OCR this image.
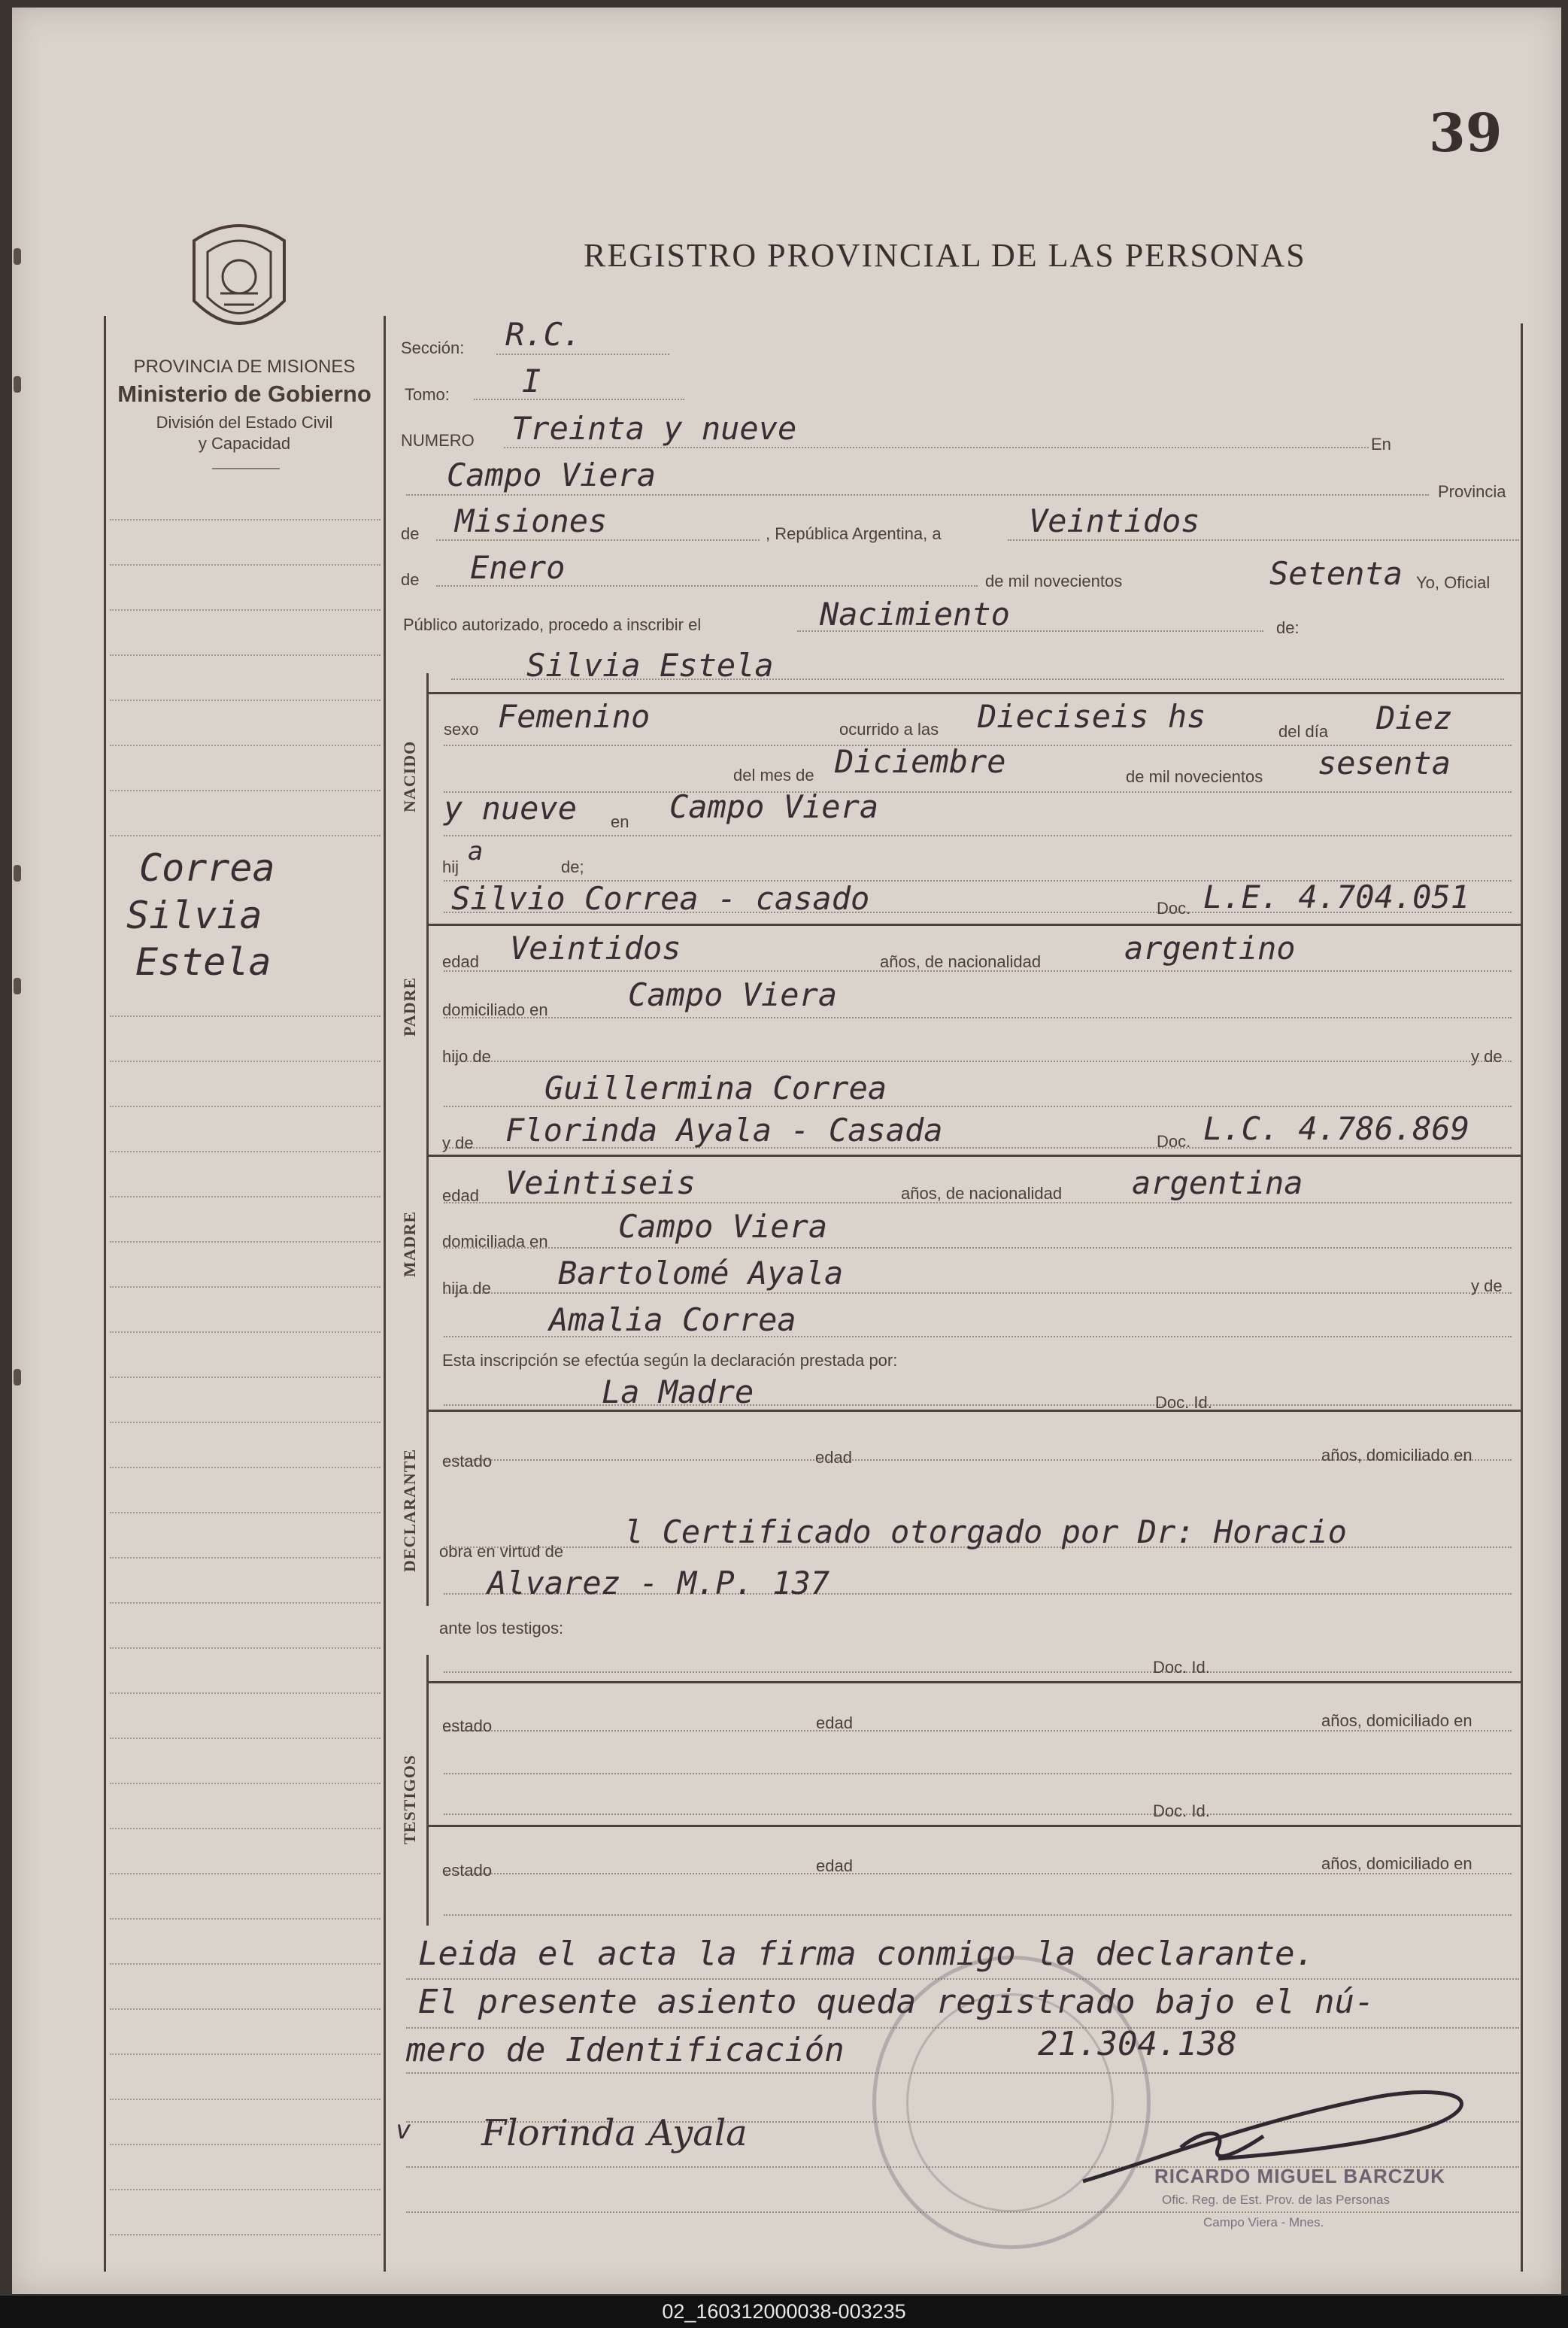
39
REGISTRO PROVINCIAL DE LAS PERSONAS
PROVINCIA DE MISIONES
Ministerio de Gobierno
División del Estado Civil
y Capacidad
Correa
Silvia
Estela
NACIDO
PADRE
MADRE
DECLARANTE
TESTIGOS
Sección: R.C.
Tomo: I
NUMERO Treinta y nueve	En
Campo Viera	Provincia
de Misiones	, República Argentina, a	Veintidos
de Enero	de mil novecientos	Setenta Yo, Oficial
Público autorizado, procedo a inscribir el	Nacimiento	de:
Silvia Estela
sexo Femenino	ocurrido a las Dieciseis hs	del día Diez
del mes de Diciembre	de mil novecientos sesenta
y nueve en Campo Viera
hij
a
de;
Silvio Correa - casado	Doc. L.E. 4.704.051
edad Veintidos	años, de nacionalidad	argentino
domiciliado en	Campo Viera
hijo de	y de
Guillermina Correa
y de Florinda Ayala - Casada	Doc. L.C. 4.786.869
edad Veintiseis	años, de nacionalidad argentina
domiciliada en Campo Viera
hija de Bartolomé Ayala	y de
Amalia Correa
Esta inscripción se efectúa según la declaración prestada por:
La Madre	Doc. Id.
estado	edad	años, domiciliado en
obra en virtud de
l Certificado otorgado por Dr: Horacio
Alvarez - M.P. 137
ante los testigos:
Doc. Id.
estado	edad	años, domiciliado en
Doc. Id.
estado	edad	años, domiciliado en
Leida el acta la firma conmigo la declarante.
El presente asiento queda registrado bajo el nú-
mero de Identificación	21.304.138
v Florinda Ayala
RICARDO MIGUEL BARCZUK
Ofic. Reg. de Est. Prov. de las Personas
Campo Viera - Mnes.
02_160312000038-003235
